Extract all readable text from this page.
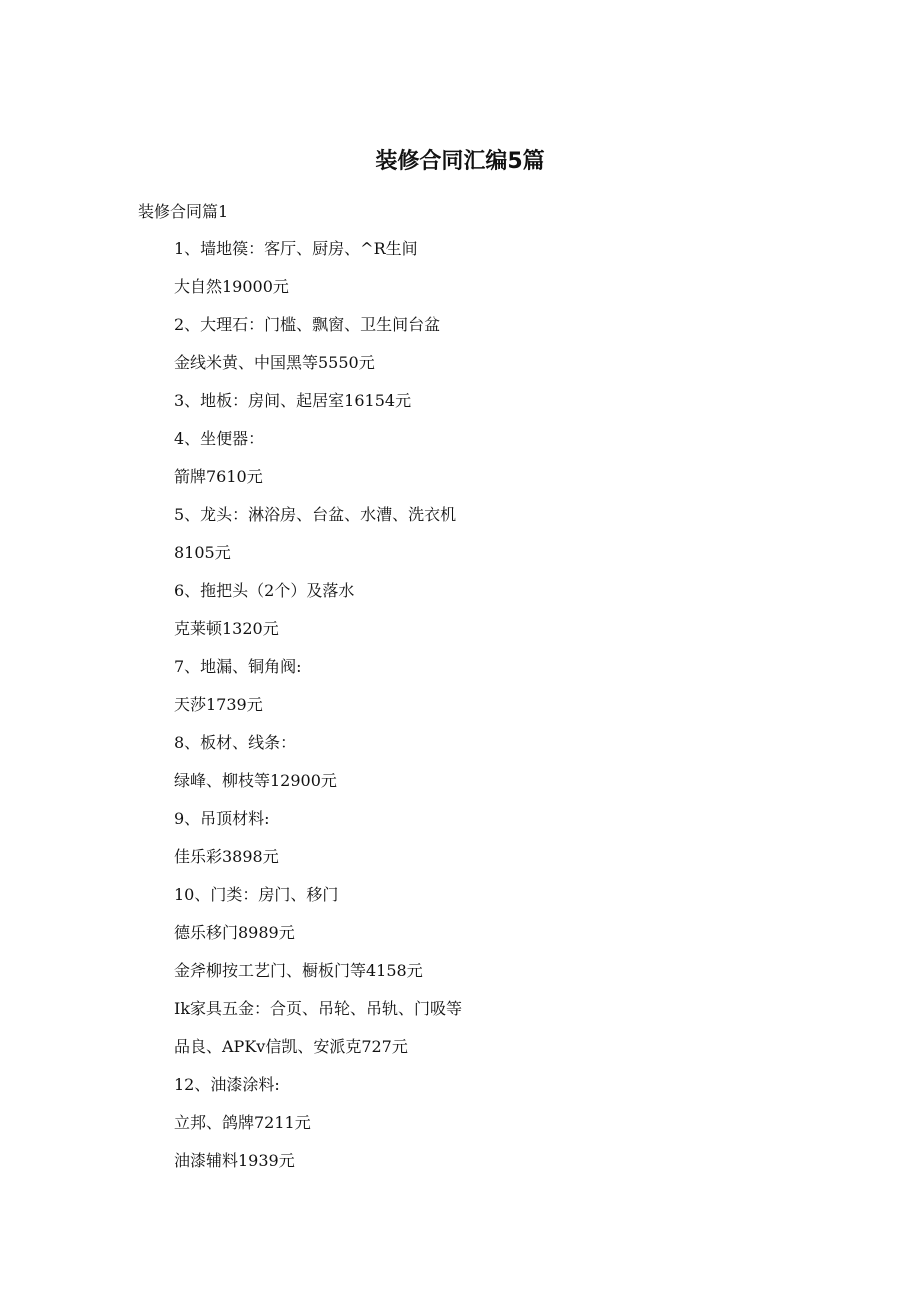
装修合同汇编5篇
装修合同篇1
1、墙地篌：客厅、厨房、^R生间
大自然19000元
2、大理石：门槛、飘窗、卫生间台盆
金线米黄、中国黑等5550元
3、地板：房间、起居室16154元
4、坐便器：
箭牌7610元
5、龙头：淋浴房、台盆、水漕、洗衣机
8105元
6、拖把头（2个）及落水
克莱顿1320元
7、地漏、铜角阀:
天莎1739元
8、板材、线条：
绿峰、柳枝等12900元
9、吊顶材料:
佳乐彩3898元
10、门类：房门、移门
德乐移门8989元
金斧柳按工艺门、橱板门等4158元
Ik家具五金：合页、吊轮、吊轨、门吸等
品良、APKv信凯、安派克727元
12、油漆涂料:
立邦、鸽牌7211元
油漆辅料1939元
